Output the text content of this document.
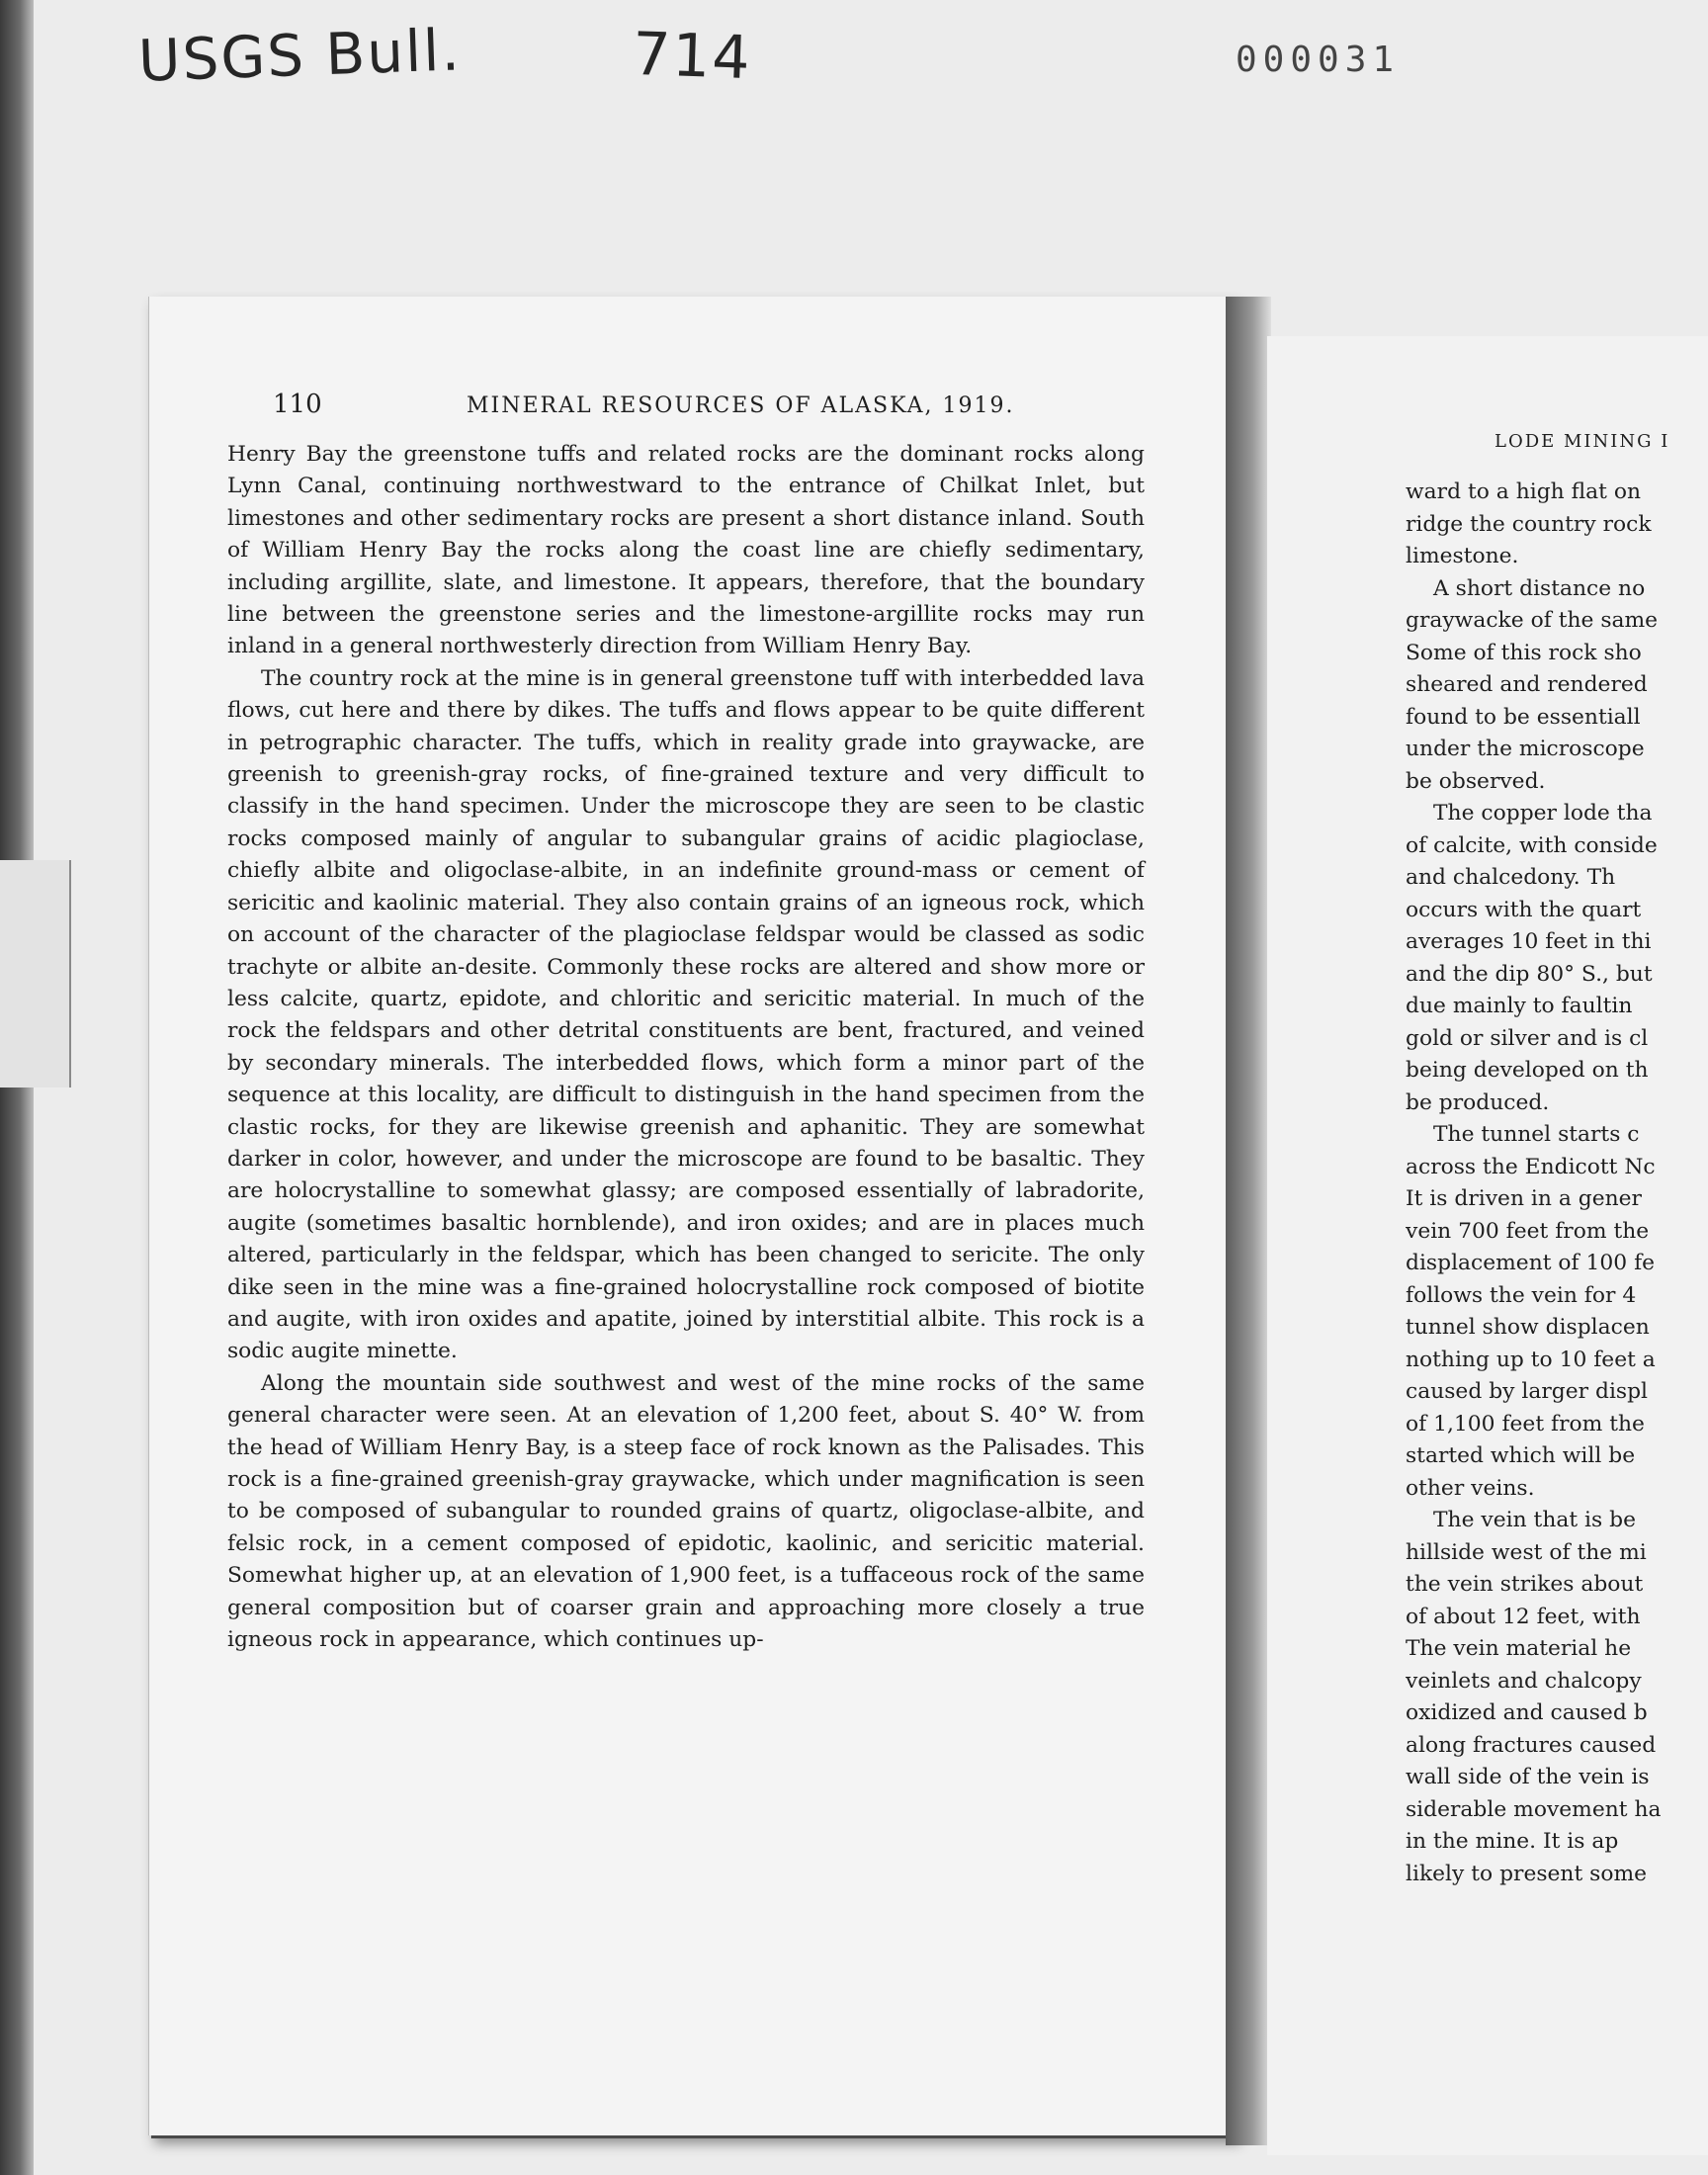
USGS Bull.	714	000031
110	MINERAL RESOURCES OF ALASKA, 1919.

Henry Bay the greenstone tuffs and related rocks are the dominant rocks along Lynn Canal, continuing northwestward to the entrance of Chilkat Inlet, but limestones and other sedimentary rocks are present a short distance inland. South of William Henry Bay the rocks along the coast line are chiefly sedimentary, including argillite, slate, and limestone. It appears, therefore, that the boundary line between the greenstone series and the limestone-argillite rocks may run inland in a general northwesterly direction from William Henry Bay.

The country rock at the mine is in general greenstone tuff with interbedded lava flows, cut here and there by dikes. The tuffs and flows appear to be quite different in petrographic character. The tuffs, which in reality grade into graywacke, are greenish to greenish-gray rocks, of fine-grained texture and very difficult to classify in the hand specimen. Under the microscope they are seen to be clastic rocks composed mainly of angular to subangular grains of acidic plagioclase, chiefly albite and oligoclase-albite, in an indefinite ground-mass or cement of sericitic and kaolinic material. They also contain grains of an igneous rock, which on account of the character of the plagioclase feldspar would be classed as sodic trachyte or albite an-desite. Commonly these rocks are altered and show more or less calcite, quartz, epidote, and chloritic and sericitic material. In much of the rock the feldspars and other detrital constituents are bent, fractured, and veined by secondary minerals. The interbedded flows, which form a minor part of the sequence at this locality, are difficult to distinguish in the hand specimen from the clastic rocks, for they are likewise greenish and aphanitic. They are somewhat darker in color, however, and under the microscope are found to be basaltic. They are holocrystalline to somewhat glassy; are composed essentially of labradorite, augite (sometimes basaltic hornblende), and iron oxides; and are in places much altered, particularly in the feldspar, which has been changed to sericite. The only dike seen in the mine was a fine-grained holocrystalline rock composed of biotite and augite, with iron oxides and apatite, joined by interstitial albite. This rock is a sodic augite minette.

Along the mountain side southwest and west of the mine rocks of the same general character were seen. At an elevation of 1,200 feet, about S. 40° W. from the head of William Henry Bay, is a steep face of rock known as the Palisades. This rock is a fine-grained greenish-gray graywacke, which under magnification is seen to be composed of subangular to rounded grains of quartz, oligoclase-albite, and felsic rock, in a cement composed of epidotic, kaolinic, and sericitic material. Somewhat higher up, at an elevation of 1,900 feet, is a tuffaceous rock of the same general composition but of coarser grain and approaching more closely a true igneous rock in appearance, which continues up-

LODE MINING I
ward to a high flat on
ridge the country rock
limestone.
A short distance no
graywacke of the same
Some of this rock sho
sheared and rendered
found to be essentiall
under the microscope
be observed.
The copper lode tha
of calcite, with conside
and chalcedony. Th
occurs with the quart
averages 10 feet in thi
and the dip 80° S., but
due mainly to faultin
gold or silver and is cl
being developed on th
be produced.
The tunnel starts c
across the Endicott Nc
It is driven in a gener
vein 700 feet from the
displacement of 100 fe
follows the vein for 4
tunnel show displacen
nothing up to 10 feet a
caused by larger displ
of 1,100 feet from the
started which will be
other veins.
The vein that is be
hillside west of the mi
the vein strikes about
of about 12 feet, with
The vein material he
veinlets and chalcopy
oxidized and caused b
along fractures caused
wall side of the vein is
siderable movement ha
in the mine. It is ap
likely to present some
